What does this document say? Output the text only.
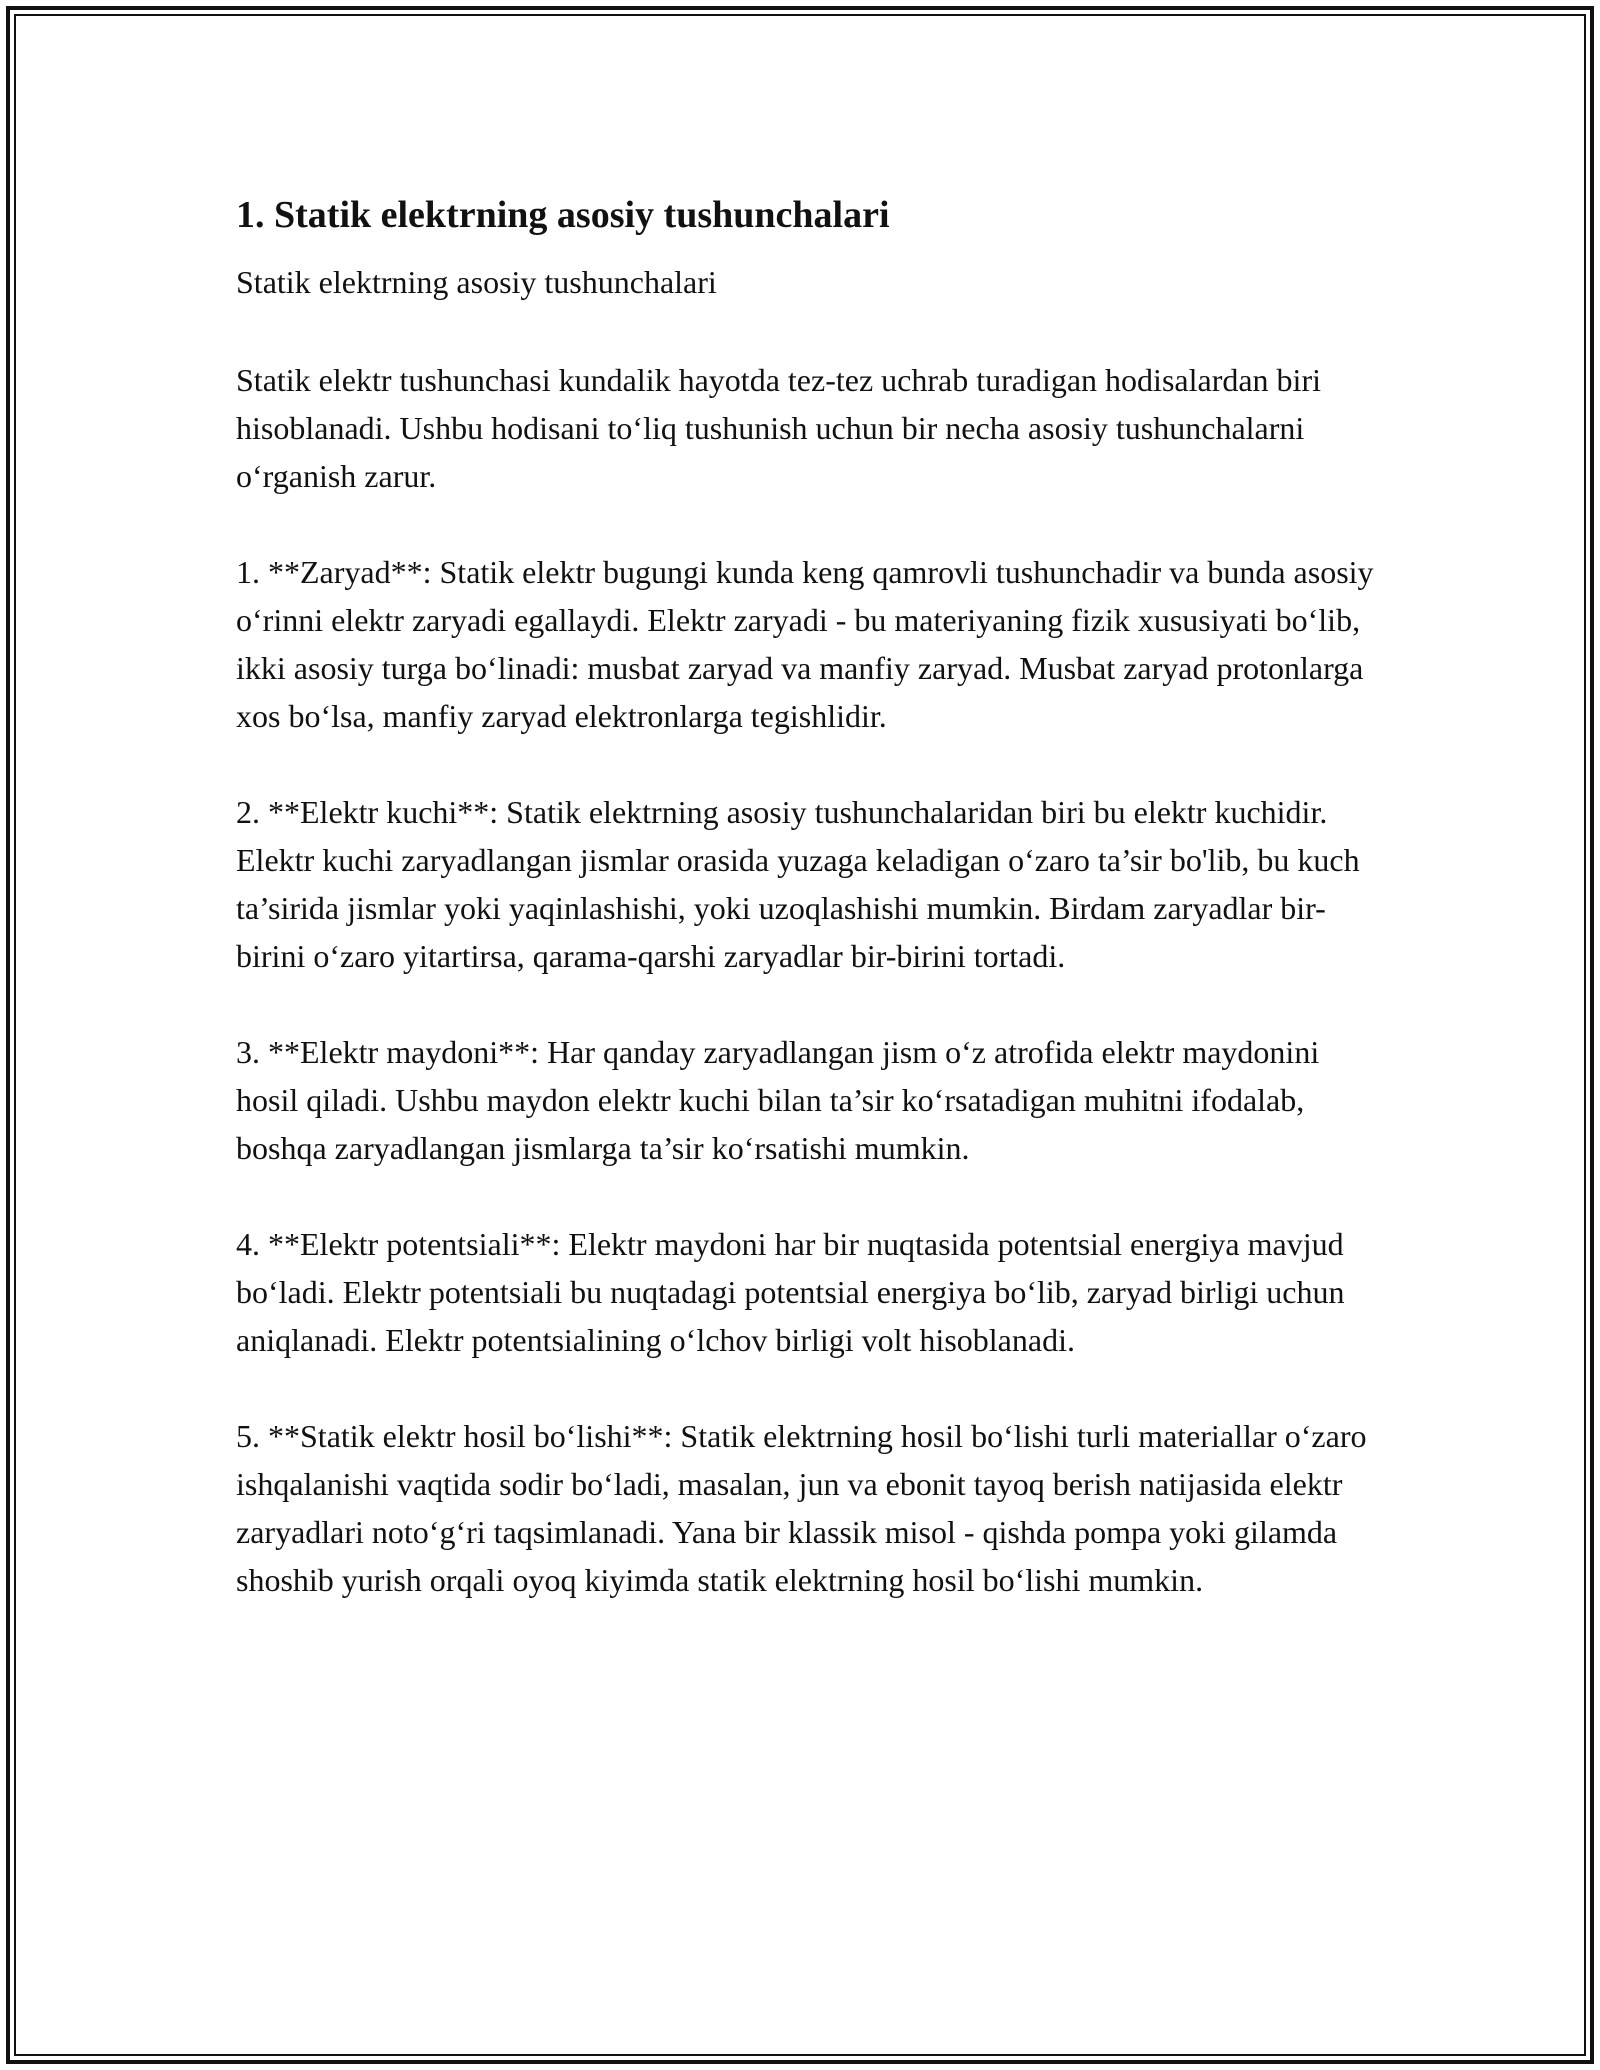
1. Statik elektrning asosiy tushunchalari

Statik elektrning asosiy tushunchalari

Statik elektr tushunchasi kundalik hayotda tez-tez uchrab turadigan hodisalardan biri hisoblanadi. Ushbu hodisani to‘liq tushunish uchun bir necha asosiy tushunchalarni o‘rganish zarur.

1. **Zaryad**: Statik elektr bugungi kunda keng qamrovli tushunchadir va bunda asosiy o‘rinni elektr zaryadi egallaydi. Elektr zaryadi - bu materiyaning fizik xususiyati bo‘lib, ikki asosiy turga bo‘linadi: musbat zaryad va manfiy zaryad. Musbat zaryad protonlarga xos bo‘lsa, manfiy zaryad elektronlarga tegishlidir.

2. **Elektr kuchi**: Statik elektrning asosiy tushunchalaridan biri bu elektr kuchidir. Elektr kuchi zaryadlangan jismlar orasida yuzaga keladigan o‘zaro ta’sir bo'lib, bu kuch ta’sirida jismlar yoki yaqinlashishi, yoki uzoqlashishi mumkin. Birdam zaryadlar bir-birini o‘zaro yitartirsa, qarama-qarshi zaryadlar bir-birini tortadi.

3. **Elektr maydoni**: Har qanday zaryadlangan jism o‘z atrofida elektr maydonini hosil qiladi. Ushbu maydon elektr kuchi bilan ta’sir ko‘rsatadigan muhitni ifodalab, boshqa zaryadlangan jismlarga ta’sir ko‘rsatishi mumkin.

4. **Elektr potentsiali**: Elektr maydoni har bir nuqtasida potentsial energiya mavjud bo‘ladi. Elektr potentsiali bu nuqtadagi potentsial energiya bo‘lib, zaryad birligi uchun aniqlanadi. Elektr potentsialining o‘lchov birligi volt hisoblanadi.

5. **Statik elektr hosil bo‘lishi**: Statik elektrning hosil bo‘lishi turli materiallar o‘zaro ishqalanishi vaqtida sodir bo‘ladi, masalan, jun va ebonit tayoq berish natijasida elektr zaryadlari noto‘g‘ri taqsimlanadi. Yana bir klassik misol - qishda pompa yoki gilamda shoshib yurish orqali oyoq kiyimda statik elektrning hosil bo‘lishi mumkin.
